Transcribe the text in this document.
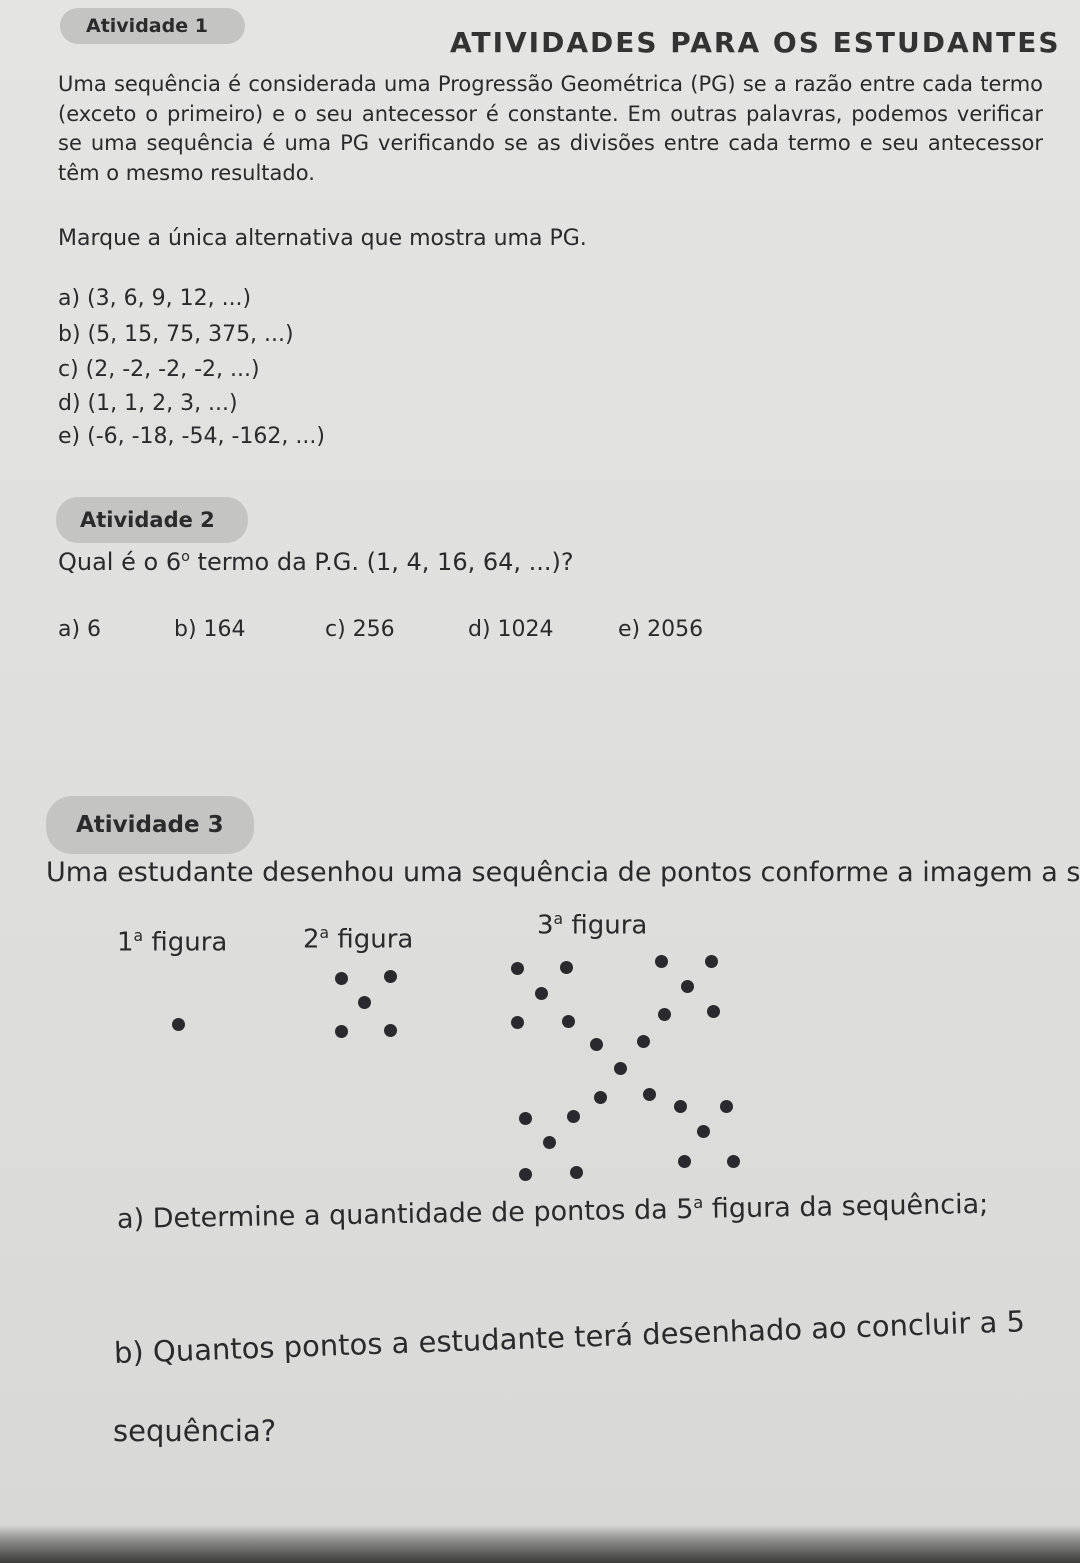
Atividade 1	ATIVIDADES PARA OS ESTUDANTES
Uma sequência é considerada uma Progressão Geométrica (PG) se a razão entre cada termo (exceto o primeiro) e o seu antecessor é constante. Em outras palavras, podemos verificar se uma sequência é uma PG verificando se as divisões entre cada termo e seu antecessor têm o mesmo resultado.
Marque a única alternativa que mostra uma PG.
a) (3, 6, 9, 12, ...)
b) (5, 15, 75, 375, ...)
c) (2, -2, -2, -2, ...)
d) (1, 1, 2, 3, ...)
e) (-6, -18, -54, -162, ...)
Atividade 2
Qual é o 6$^o$ termo da P.G. (1, 4, 16, 64, ...)?
a) 6	b) 164	c) 256	d) 1024	e) 2056
Atividade 3
Uma estudante desenhou uma sequência de pontos conforme a imagem a s
1$^a$ figura	2$^a$ figura	3$^a$ figura
a) Determine a quantidade de pontos da 5$^a$ figura da sequência;
b) Quantos pontos a estudante terá desenhado ao concluir a 5
sequência?
